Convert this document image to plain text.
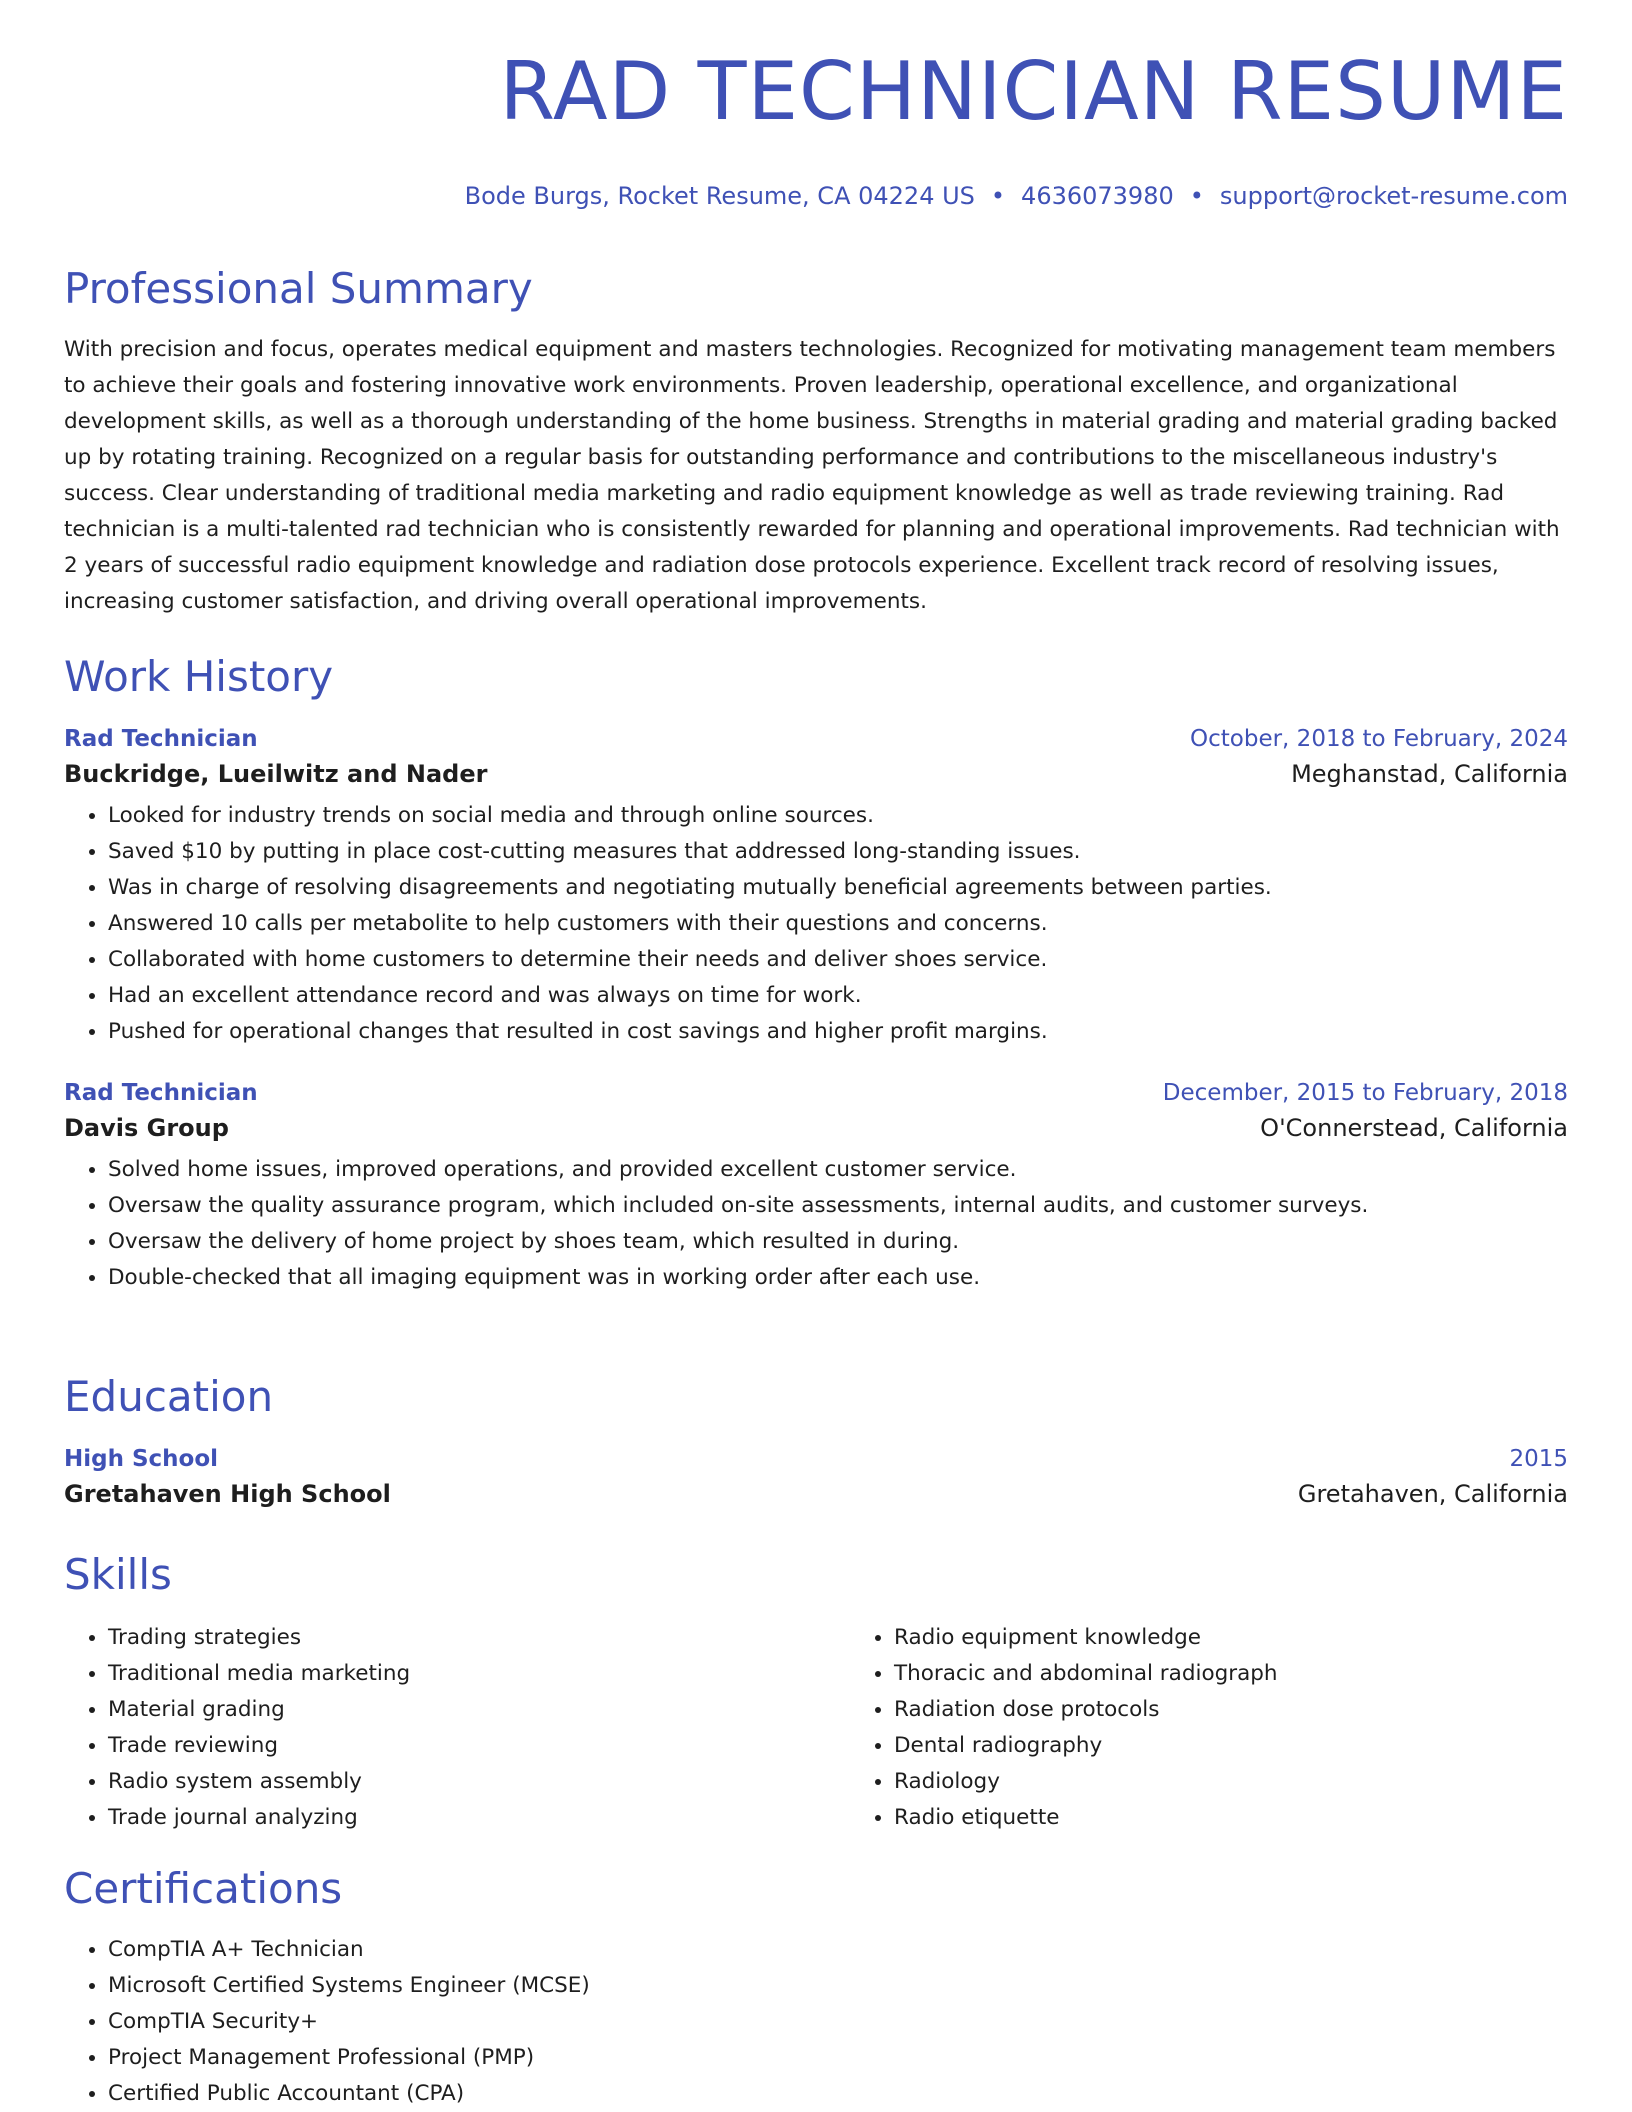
RAD TECHNICIAN RESUME
Bode Burgs, Rocket Resume, CA 04224 US • 4636073980 • support@rocket-resume.com
Professional Summary

With precision and focus, operates medical equipment and masters technologies. Recognized for motivating management team members to achieve their goals and fostering innovative work environments. Proven leadership, operational excellence, and organizational development skills, as well as a thorough understanding of the home business. Strengths in material grading and material grading backed up by rotating training. Recognized on a regular basis for outstanding performance and contributions to the miscellaneous industry's success. Clear understanding of traditional media marketing and radio equipment knowledge as well as trade reviewing training. Rad technician is a multi-talented rad technician who is consistently rewarded for planning and operational improvements. Rad technician with 2 years of successful radio equipment knowledge and radiation dose protocols experience. Excellent track record of resolving issues, increasing customer satisfaction, and driving overall operational improvements.

Work History
Rad Technician	October, 2018 to February, 2024
Buckridge, Lueilwitz and Nader	Meghanstad, California
• Looked for industry trends on social media and through online sources.
• Saved $10 by putting in place cost-cutting measures that addressed long-standing issues.
• Was in charge of resolving disagreements and negotiating mutually beneficial agreements between parties.
• Answered 10 calls per metabolite to help customers with their questions and concerns.
• Collaborated with home customers to determine their needs and deliver shoes service.
• Had an excellent attendance record and was always on time for work.
• Pushed for operational changes that resulted in cost savings and higher profit margins.
Rad Technician	December, 2015 to February, 2018
Davis Group	O'Connerstead, California
• Solved home issues, improved operations, and provided excellent customer service.
• Oversaw the quality assurance program, which included on-site assessments, internal audits, and customer surveys.
• Oversaw the delivery of home project by shoes team, which resulted in during.
• Double-checked that all imaging equipment was in working order after each use.
Education
High School	2015
Gretahaven High School	Gretahaven, California
Skills
• Trading strategies
• Traditional media marketing
• Material grading
• Trade reviewing
• Radio system assembly
• Trade journal analyzing
• Radio equipment knowledge
• Thoracic and abdominal radiograph
• Radiation dose protocols
• Dental radiography
• Radiology
• Radio etiquette
Certifications
• CompTIA A+ Technician
• Microsoft Certified Systems Engineer (MCSE)
• CompTIA Security+
• Project Management Professional (PMP)
• Certified Public Accountant (CPA)
